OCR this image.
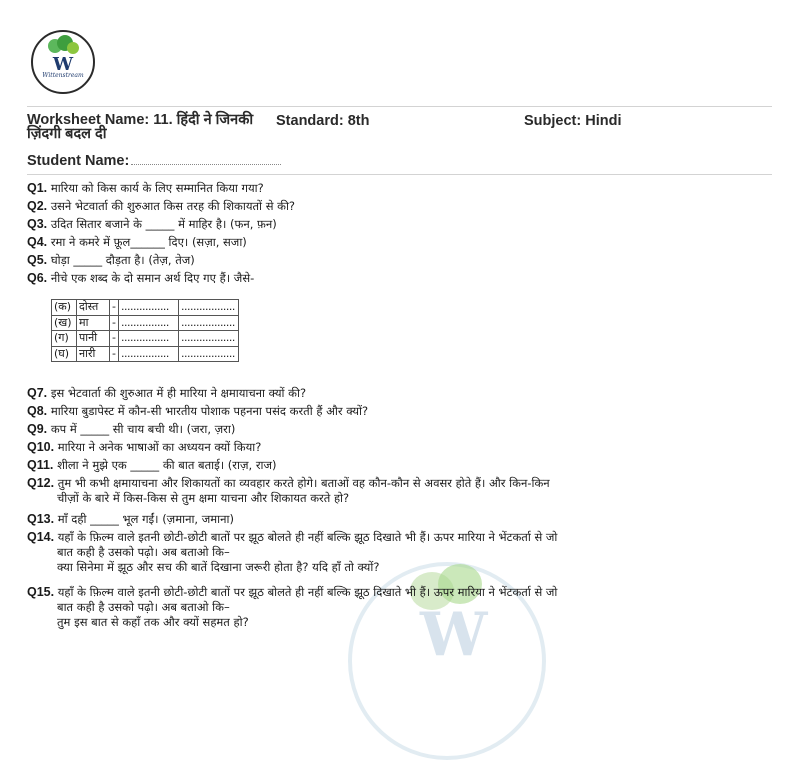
W
Wittenstream
Worksheet Name: 11. हिंदी ने जिनकी
ज़िंदगी बदल दी
Standard: 8th	Subject: Hindi
Student Name:
Q1. मारिया को किस कार्य के लिए सम्मानित किया गया?
Q2. उसने भेटवार्ता की शुरुआत किस तरह की शिकायतों से की?
Q3. उदित सितार बजाने के _____ में माहिर है। (फन, फ़न)
Q4. रमा ने कमरे में फ़ूल______ दिए। (सज़ा, सजा)
Q5. घोड़ा _____ दौड़ता है। (तेज़, तेज)
Q6. नीचे एक शब्द के दो समान अर्थ दिए गए हैं। जैसे-
(क)	दोस्त	-	................	..................
(ख)	मा	-	................	..................
(ग)	पानी	-	................	..................
(घ)	नारी	-	................	..................
W
Q7. इस भेटवार्ता की शुरुआत में ही मारिया ने क्षमायाचना क्यों की?
Q8. मारिया बुडापेस्ट में कौन-सी भारतीय पोशाक पहनना पसंद करती हैं और क्यों?
Q9. कप में _____ सी चाय बची थी। (जरा, ज़रा)
Q10. मारिया ने अनेक भाषाओं का अध्ययन क्यों किया?
Q11. शीला ने मुझे एक _____ की बात बताई। (राज़, राज)
Q12. तुम भी कभी क्षमायाचना और शिकायतों का व्यवहार करते होगे। बताओं वह कौन-कौन से अवसर होते हैं। और किन-किन
चीज़ों के बारे में किस-किस से तुम क्षमा याचना और शिकायत करते हो?
Q13. माँ दही _____ भूल गईं। (ज़माना, जमाना)
Q14. यहाँ के फ़िल्म वाले इतनी छोटी-छोटी बातों पर झूठ बोलते ही नहीं बल्कि झूठ दिखाते भी हैं। ऊपर मारिया ने भेंटकर्ता से जो
बात कही है उसको पढ़ो। अब बताओ कि–
क्या सिनेमा में झूठ और सच की बातें दिखाना जरूरी होता है? यदि हाँ तो क्यों?
Q15. यहाँ के फ़िल्म वाले इतनी छोटी-छोटी बातों पर झूठ बोलते ही नहीं बल्कि झूठ दिखाते भी हैं। ऊपर मारिया ने भेंटकर्ता से जो
बात कही है उसको पढ़ो। अब बताओ कि–
तुम इस बात से कहाँ तक और क्यों सहमत हो?
